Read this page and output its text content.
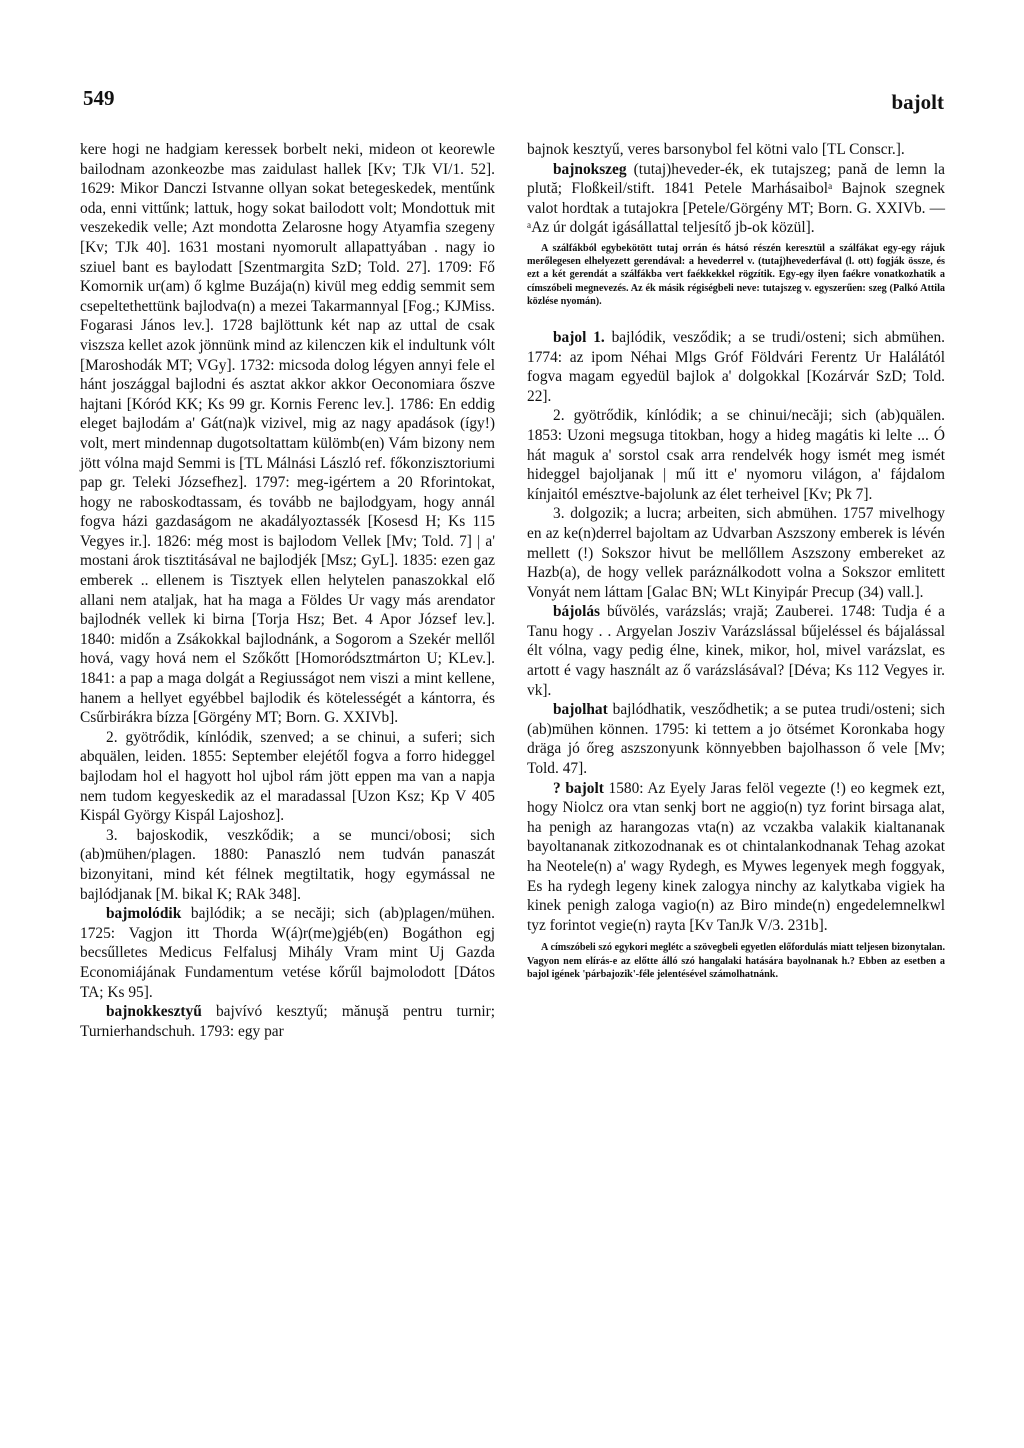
549	bajolt

kere hogi ne hadgiam keressek borbelt neki, mideon ot keorewle bailodnam azonkeozbe mas zaidulast hallek [Kv; TJk VI/1. 52]. 1629: Mikor Danczi Istvanne ollyan sokat betegeskedek, mentűnk oda, enni vittűnk; lattuk, hogy sokat bailodott volt; Mondottuk mit veszekedik velle; Azt mondotta Zelarosne hogy Atyamfia szegeny [Kv; TJk 40]. 1631 mostani nyomorult allapattyában . nagy io sziuel bant es baylodatt [Szentmargita SzD; Told. 27]. 1709: Fő Komornik ur(am) ő kglme Buzája(n) kivül meg eddig semmit sem csepeltethettünk bajlodva(n) a mezei Takarmannyal [Fog.; KJMiss. Fogarasi János lev.]. 1728 bajlöttunk két nap az uttal de csak viszsza kellet azok jönnünk mind az kilenczen kik el indultunk vólt [Maroshodák MT; VGy]. 1732: micsoda dolog légyen annyi fele el hánt joszággal bajlodni és asztat akkor akkor Oeconomiara őszve hajtani [Kóród KK; Ks 99 gr. Kornis Ferenc lev.]. 1786: En eddig eleget bajlodám a' Gát(na)k vizivel, mig az nagy apadások (így!) volt, mert mindennap dugotsoltattam külömb(en) Vám bizony nem jött vólna majd Semmi is [TL Málnási László ref. főkonzisztoriumi pap gr. Teleki Józsefhez]. 1797: meg-igértem a 20 Rforintokat, hogy ne raboskodtassam, és tovább ne bajlodgyam, hogy annál fogva házi gazdaságom ne akadályoztassék [Kosesd H; Ks 115 Vegyes ir.]. 1826: még most is bajlodom Vellek [Mv; Told. 7] | a' mostani árok tisztitásával ne bajlodjék [Msz; GyL]. 1835: ezen gaz emberek .. ellenem is Tisztyek ellen helytelen panaszokkal elő allani nem ataljak, hat ha maga a Földes Ur vagy más arendator bajlodnék vellek ki birna [Torja Hsz; Bet. 4 Apor József lev.]. 1840: midőn a Zsákokkal bajlodnánk, a Sogorom a Szekér mellől hová, vagy hová nem el Szőkőtt [Homoródsztmárton U; KLev.]. 1841: a pap a maga dolgát a Regiusságot nem viszi a mint kellene, hanem a hellyet egyébbel bajlodik és kötelességét a kántorra, és Csűrbirákra bízza [Görgény MT; Born. G. XXIVb].

2. gyötrődik, kínlódik, szenved; a se chinui, a suferi; sich abquälen, leiden. 1855: September elejétől fogva a forro hideggel bajlodam hol el hagyott hol ujbol rám jött eppen ma van a napja nem tudom kegyeskedik az el maradassal [Uzon Ksz; Kp V 405 Kispál György Kispál Lajoshoz].

3. bajoskodik, veszkődik; a se munci/obosi; sich (ab)mühen/plagen. 1880: Panaszló nem tudván panaszát bizonyitani, mind két félnek megtiltatik, hogy egymással ne bajlódjanak [M. bikal K; RAk 348].

bajmolódik bajlódik; a se necăji; sich (ab)plagen/mühen. 1725: Vagjon itt Thorda W(á)r(me)gjéb(en) Bogáthon egj becsűlletes Medicus Felfalusj Mihály Vram mint Uj Gazda Economiájának Fundamentum vetése kőrűl bajmolodott [Dátos TA; Ks 95].

bajnokkesztyű bajvívó kesztyű; mănuşă pentru turnir; Turnierhandschuh. 1793: egy par

bajnok kesztyű, veres barsonybol fel kötni valo [TL Conscr.].

bajnokszeg (tutaj)heveder-ék, ek tutajszeg; pană de lemn la plută; Floßkeil/stift. 1841 Petele Marhásaibolᵃ Bajnok szegnek valot hordtak a tutajokra [Petele/Görgény MT; Born. G. XXIVb. — ᵃAz úr dolgát igásállattal teljesítő jb-ok közül].

A szálfákból egybekötött tutaj orrán és hátsó részén keresztül a szálfákat egy-egy rájuk merőlegesen elhelyezett gerendával: a hevederrel v. (tutaj)hevederfával (l. ott) fogják össze, és ezt a két gerendát a szálfákba vert faékkekkel rögzítik. Egy-egy ilyen faékre vonatkozhatik a címszóbeli megnevezés. Az ék másik régiségbeli neve: tutajszeg v. egyszerűen: szeg (Palkó Attila közlése nyomán).

bajol 1. bajlódik, vesződik; a se trudi/osteni; sich abmühen. 1774: az ipom Néhai Mlgs Gróf Földvári Ferentz Ur Halálától fogva magam egyedül bajlok a' dolgokkal [Kozárvár SzD; Told. 22].

2. gyötrődik, kínlódik; a se chinui/necăji; sich (ab)quälen. 1853: Uzoni megsuga titokban, hogy a hideg magátis ki lelte ... Ó hát maguk a' sorstol csak arra rendelvék hogy ismét meg ismét hideggel bajoljanak | mű itt e' nyomoru világon, a' fájdalom kínjaitól emésztve-bajolunk az élet terheivel [Kv; Pk 7].

3. dolgozik; a lucra; arbeiten, sich abmühen. 1757 mivelhogy en az ke(n)derrel bajoltam az Udvarban Aszszony emberek is lévén mellett (!) Sokszor hivut be mellőllem Aszszony embereket az Hazb(a), de hogy vellek paráználkodott volna a Sokszor emlitett Vonyát nem láttam [Galac BN; WLt Kinyipár Precup (34) vall.].

bájolás bűvölés, varázslás; vrajă; Zauberei. 1748: Tudja é a Tanu hogy . . Argyelan Josziv Varázslással bűjeléssel és bájalással élt vólna, vagy pedig élne, kinek, mikor, hol, mivel varázslat, es artott é vagy használt az ő varázslásával? [Déva; Ks 112 Vegyes ir. vk].

bajolhat bajlódhatik, vesződhetik; a se putea trudi/osteni; sich (ab)mühen können. 1795: ki tettem a jo ötsémet Koronkaba hogy dräga jó őreg aszszonyunk könnyebben bajolhasson ő vele [Mv; Told. 47].

? bajolt 1580: Az Eyely Jaras felöl vegezte (!) eo kegmek ezt, hogy Niolcz ora vtan senkj bort ne aggio(n) tyz forint birsaga alat, ha penigh az harangozas vta(n) az vczakba valakik kialtananak bayoltananak zitkozodnanak es ot chintalankodnanak Tehag azokat ha Neotele(n) a' wagy Rydegh, es Mywes legenyek megh foggyak, Es ha rydegh legeny kinek zalogya ninchy az kalytkaba vigiek ha kinek penigh zaloga vagio(n) az Biro minde(n) engedelemnelkwl tyz forintot vegie(n) rayta [Kv TanJk V/3. 231b].

A címszóbeli szó egykori meglétc a szövegbeli egyetlen előfordulás miatt teljesen bizonytalan. Vagyon nem elírás-e az előtte álló szó hangalaki hatására bayolnanak h.? Ebben az esetben a bajol igének 'párbajozik'-féle jelentésével számolhatnánk.
